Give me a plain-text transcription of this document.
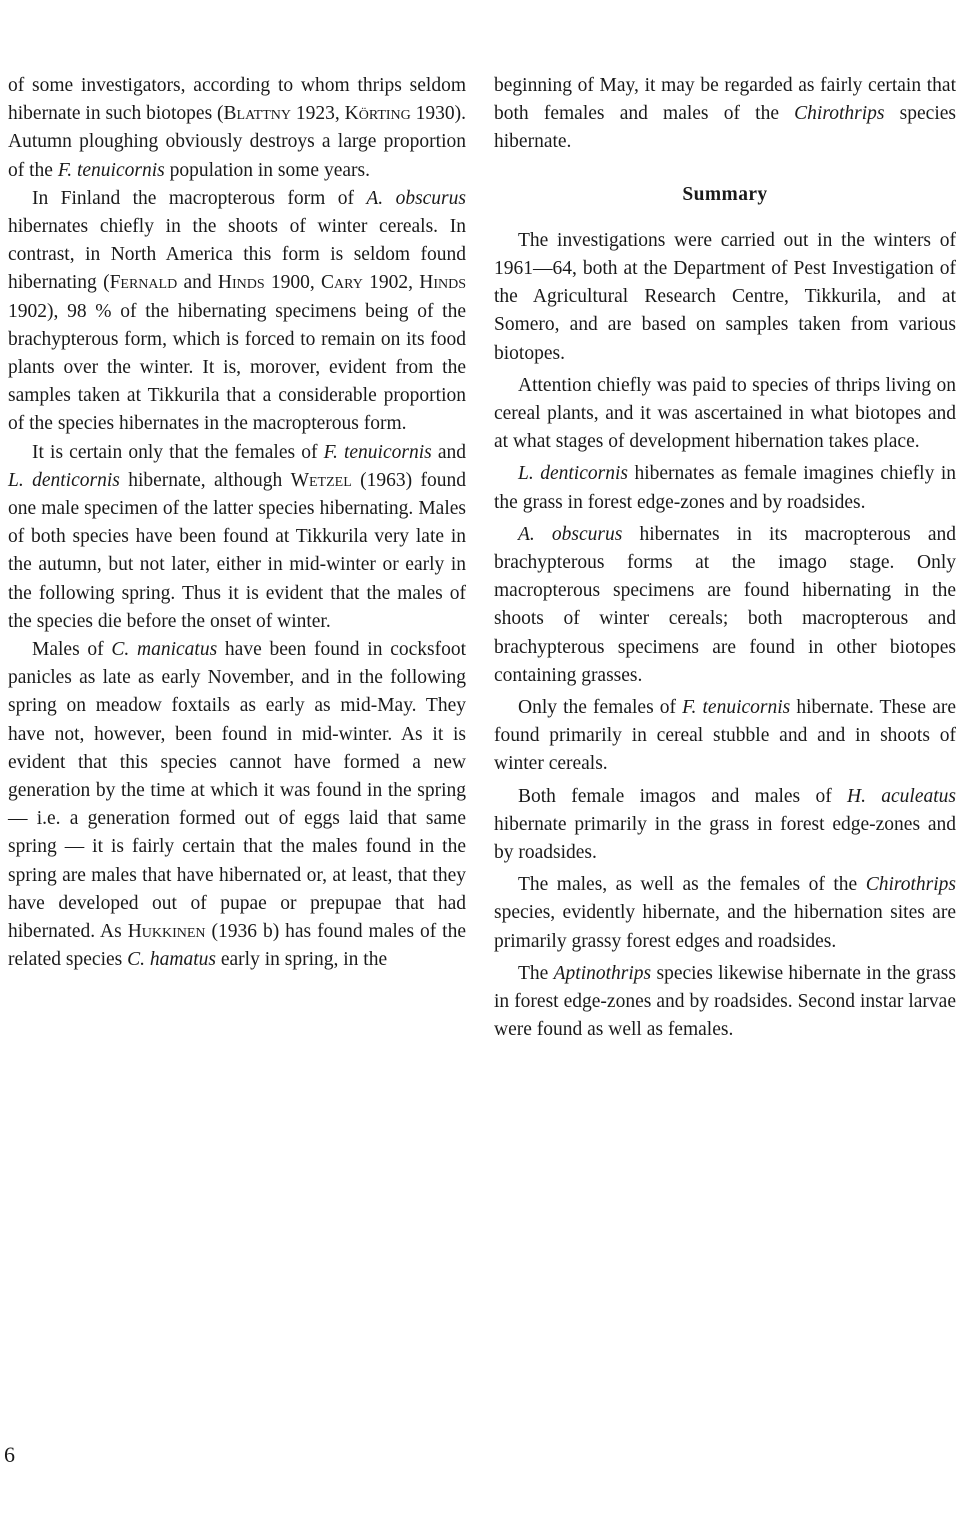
of some investigators, according to whom thrips seldom hibernate in such biotopes (Blattny 1923, Körting 1930). Autumn ploughing obviously destroys a large proportion of the F. tenuicornis population in some years.

In Finland the macropterous form of A. obscurus hibernates chiefly in the shoots of winter cereals. In contrast, in North America this form is seldom found hibernating (Fernald and Hinds 1900, Cary 1902, Hinds 1902), 98 % of the hibernating specimens being of the brachypterous form, which is forced to remain on its food plants over the winter. It is, morover, evident from the samples taken at Tikkurila that a considerable proportion of the species hibernates in the macropterous form.

It is certain only that the females of F. tenuicornis and L. denticornis hibernate, although Wetzel (1963) found one male specimen of the latter species hibernating. Males of both species have been found at Tikkurila very late in the autumn, but not later, either in mid-winter or early in the following spring. Thus it is evident that the males of the species die before the onset of winter.

Males of C. manicatus have been found in cocksfoot panicles as late as early November, and in the following spring on meadow foxtails as early as mid-May. They have not, however, been found in mid-winter. As it is evident that this species cannot have formed a new generation by the time at which it was found in the spring — i.e. a generation formed out of eggs laid that same spring — it is fairly certain that the males found in the spring are males that have hibernated or, at least, that they have developed out of pupae or prepupae that had hibernated. As Hukkinen (1936 b) has found males of the related species C. hamatus early in spring, in the

beginning of May, it may be regarded as fairly certain that both females and males of the Chirothrips species hibernate.

Summary

The investigations were carried out in the winters of 1961—64, both at the Department of Pest Investigation of the Agricultural Research Centre, Tikkurila, and at Somero, and are based on samples taken from various biotopes.

Attention chiefly was paid to species of thrips living on cereal plants, and it was ascertained in what biotopes and at what stages of development hibernation takes place.

L. denticornis hibernates as female imagines chiefly in the grass in forest edge-zones and by roadsides.

A. obscurus hibernates in its macropterous and brachypterous forms at the imago stage. Only macropterous specimens are found hibernating in the shoots of winter cereals; both macropterous and brachypterous specimens are found in other biotopes containing grasses.

Only the females of F. tenuicornis hibernate. These are found primarily in cereal stubble and and in shoots of winter cereals.

Both female imagos and males of H. aculeatus hibernate primarily in the grass in forest edge-zones and by roadsides.

The males, as well as the females of the Chirothrips species, evidently hibernate, and the hibernation sites are primarily grassy forest edges and roadsides.

The Aptinothrips species likewise hibernate in the grass in forest edge-zones and by roadsides. Second instar larvae were found as well as females.

6
